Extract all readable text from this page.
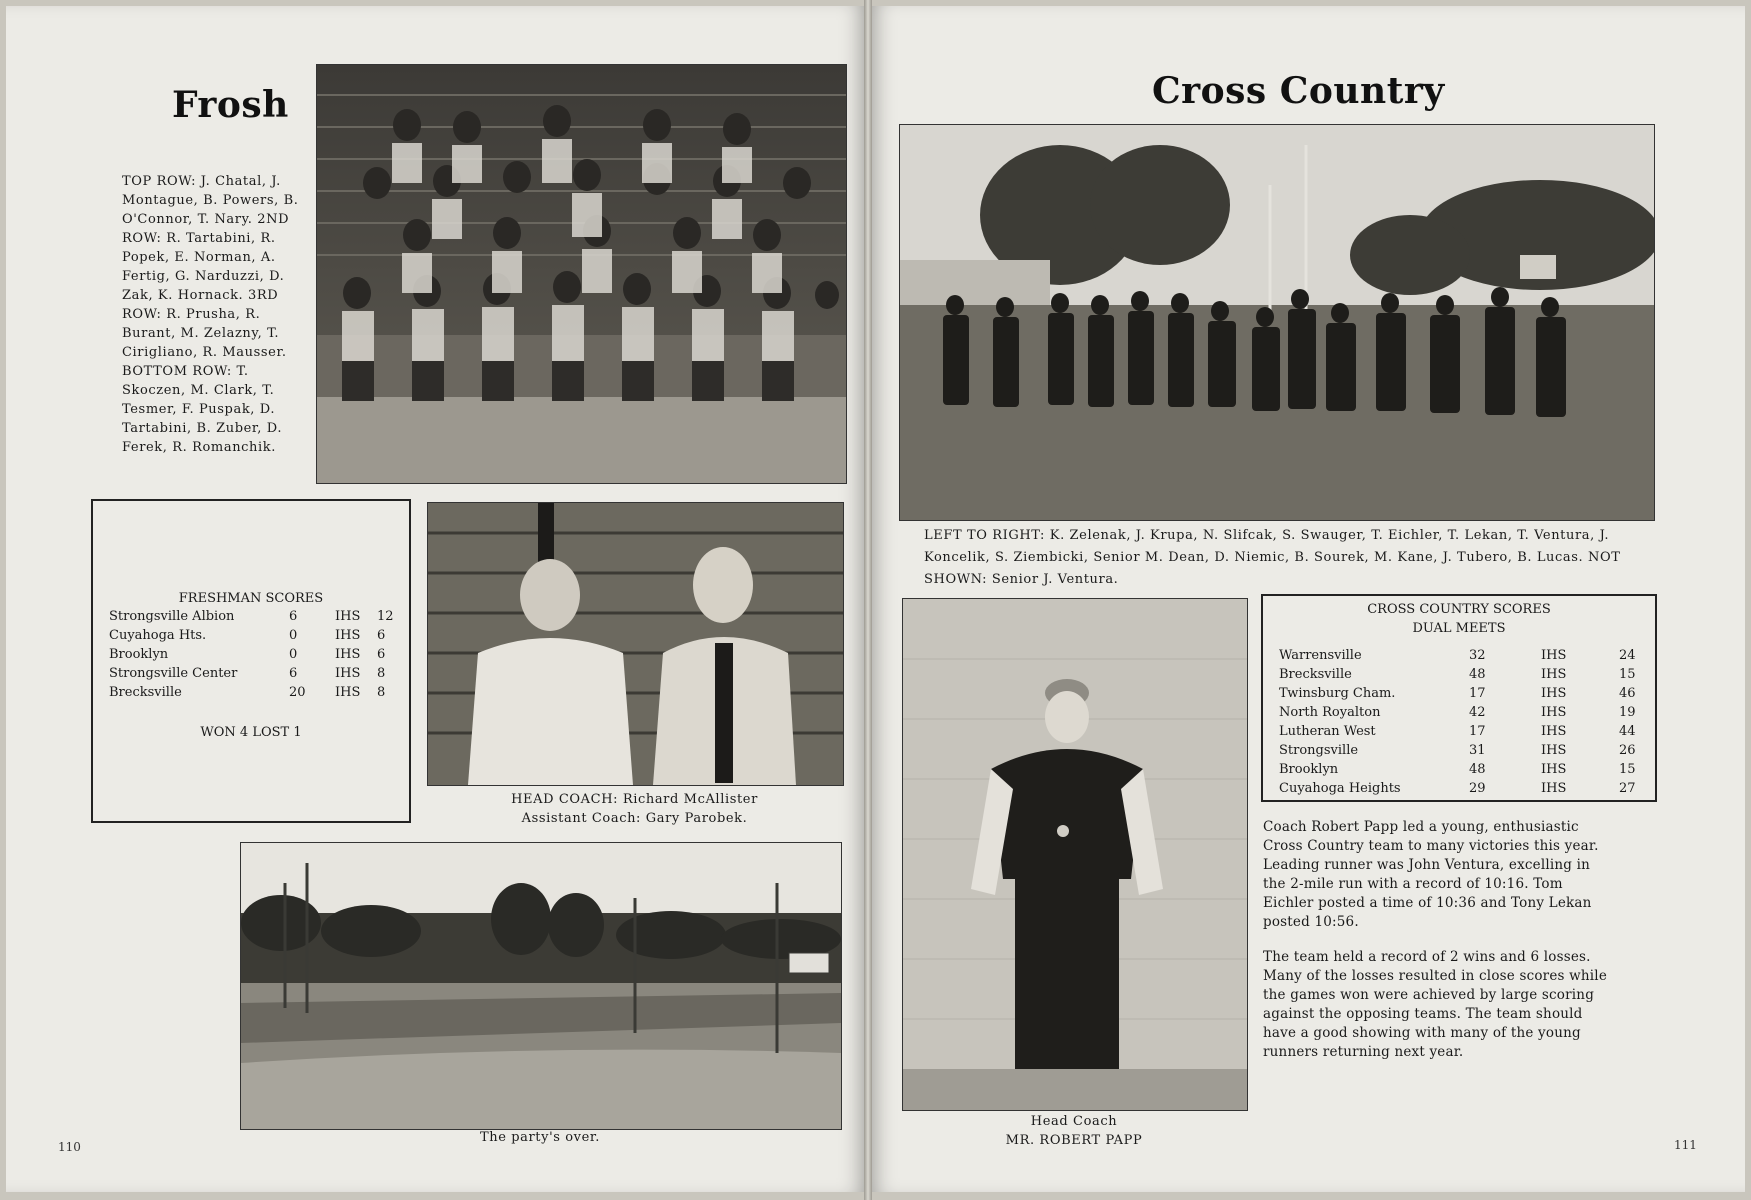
Frosh
TOP ROW: J. Chatal, J. Montague, B. Powers, B. O'Connor, T. Nary. 2ND ROW: R. Tartabini, R. Popek, E. Norman, A. Fertig, G. Narduzzi, D. Zak, K. Hornack. 3RD ROW: R. Prusha, R. Burant, M. Zelazny, T. Cirigliano, R. Mausser. BOTTOM ROW: T. Skoczen, M. Clark, T. Tesmer, F. Puspak, D. Tartabini, B. Zuber, D. Ferek, R. Romanchik.
FRESHMAN SCORES
Strongsville Albion	6	IHS 12
Cuyahoga Hts.	0	IHS 6
Brooklyn	0	IHS 6
Strongsville Center	6	IHS 8
Brecksville	20 IHS 8
WON 4 LOST 1
HEAD COACH: Richard McAllister
Assistant Coach: Gary Parobek.
The party's over.
110
Cross Country
LEFT TO RIGHT: K. Zelenak, J. Krupa, N. Slifcak, S. Swauger, T. Eichler, T. Lekan, T. Ventura, J. Koncelik, S. Ziembicki, Senior M. Dean, D. Niemic, B. Sourek, M. Kane, J. Tubero, B. Lucas. NOT SHOWN: Senior J. Ventura.
Head Coach
MR. ROBERT PAPP
CROSS COUNTRY SCORES
DUAL MEETS
Warrensville	32	IHS	24
Brecksville	48	IHS	15
Twinsburg Cham.	17	IHS	46
North Royalton	42	IHS	19
Lutheran West	17	IHS	44
Strongsville	31	IHS	26
Brooklyn	48	IHS	15
Cuyahoga Heights	29	IHS	27
Coach Robert Papp led a young, enthusiastic Cross Country team to many victories this year. Leading runner was John Ventura, excelling in the 2-mile run with a record of 10:16. Tom Eichler posted a time of 10:36 and Tony Lekan posted 10:56.
The team held a record of 2 wins and 6 losses. Many of the losses resulted in close scores while the games won were achieved by large scoring against the opposing teams. The team should have a good showing with many of the young runners returning next year.
111
